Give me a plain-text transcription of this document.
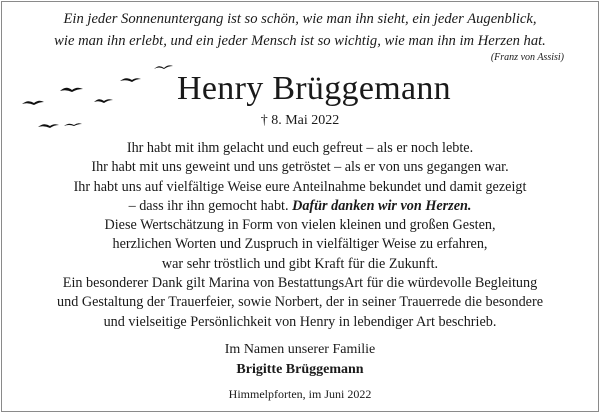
Ein jeder Sonnenuntergang ist so schön, wie man ihn sieht, ein jeder Augenblick,
wie man ihn erlebt, und ein jeder Mensch ist so wichtig, wie man ihn im Herzen hat.
(Franz von Assisi)
Henry Brüggemann
† 8. Mai 2022
Ihr habt mit ihm gelacht und euch gefreut – als er noch lebte.
Ihr habt mit uns geweint und uns getröstet – als er von uns gegangen war.
Ihr habt uns auf vielfältige Weise eure Anteilnahme bekundet und damit gezeigt
– dass ihr ihn gemocht habt. Dafür danken wir von Herzen.
Diese Wertschätzung in Form von vielen kleinen und großen Gesten,
herzlichen Worten und Zuspruch in vielfältiger Weise zu erfahren,
war sehr tröstlich und gibt Kraft für die Zukunft.
Ein besonderer Dank gilt Marina von BestattungsArt für die würdevolle Begleitung
und Gestaltung der Trauerfeier, sowie Norbert, der in seiner Trauerrede die besondere
und vielseitige Persönlichkeit von Henry in lebendiger Art beschrieb.
Im Namen unserer Familie
Brigitte Brüggemann
Himmelpforten, im Juni 2022
